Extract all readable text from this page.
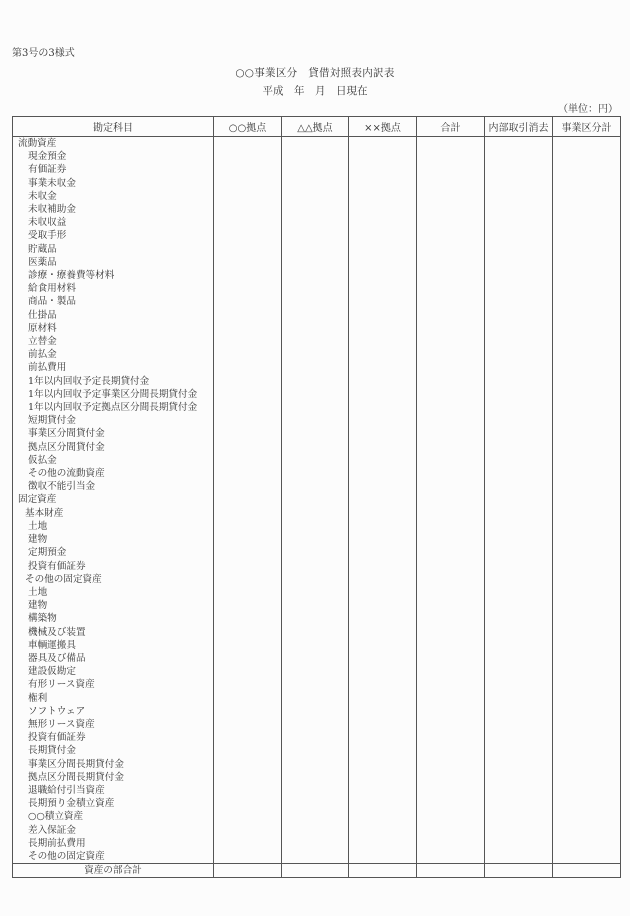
第3号の3様式
○○事業区分　貸借対照表内訳表
平成　年　月　日現在
（単位：円）
勘定科目	○○拠点	△△拠点	××拠点	合計	内部取引消去	事業区分計
流動資産						
現金預金						
有価証券						
事業未収金						
未収金						
未収補助金						
未収収益						
受取手形						
貯蔵品						
医薬品						
診療・療養費等材料						
給食用材料						
商品・製品						
仕掛品						
原材料						
立替金						
前払金						
前払費用						
1年以内回収予定長期貸付金						
1年以内回収予定事業区分間長期貸付金						
1年以内回収予定拠点区分間長期貸付金						
短期貸付金						
事業区分間貸付金						
拠点区分間貸付金						
仮払金						
その他の流動資産						
徴収不能引当金						
固定資産						
基本財産						
土地						
建物						
定期預金						
投資有価証券						
その他の固定資産						
土地						
建物						
構築物						
機械及び装置						
車輌運搬具						
器具及び備品						
建設仮勘定						
有形リース資産						
権利						
ソフトウェア						
無形リース資産						
投資有価証券						
長期貸付金						
事業区分間長期貸付金						
拠点区分間長期貸付金						
退職給付引当資産						
長期預り金積立資産						
○○積立資産						
差入保証金						
長期前払費用						
その他の固定資産						
資産の部合計						
